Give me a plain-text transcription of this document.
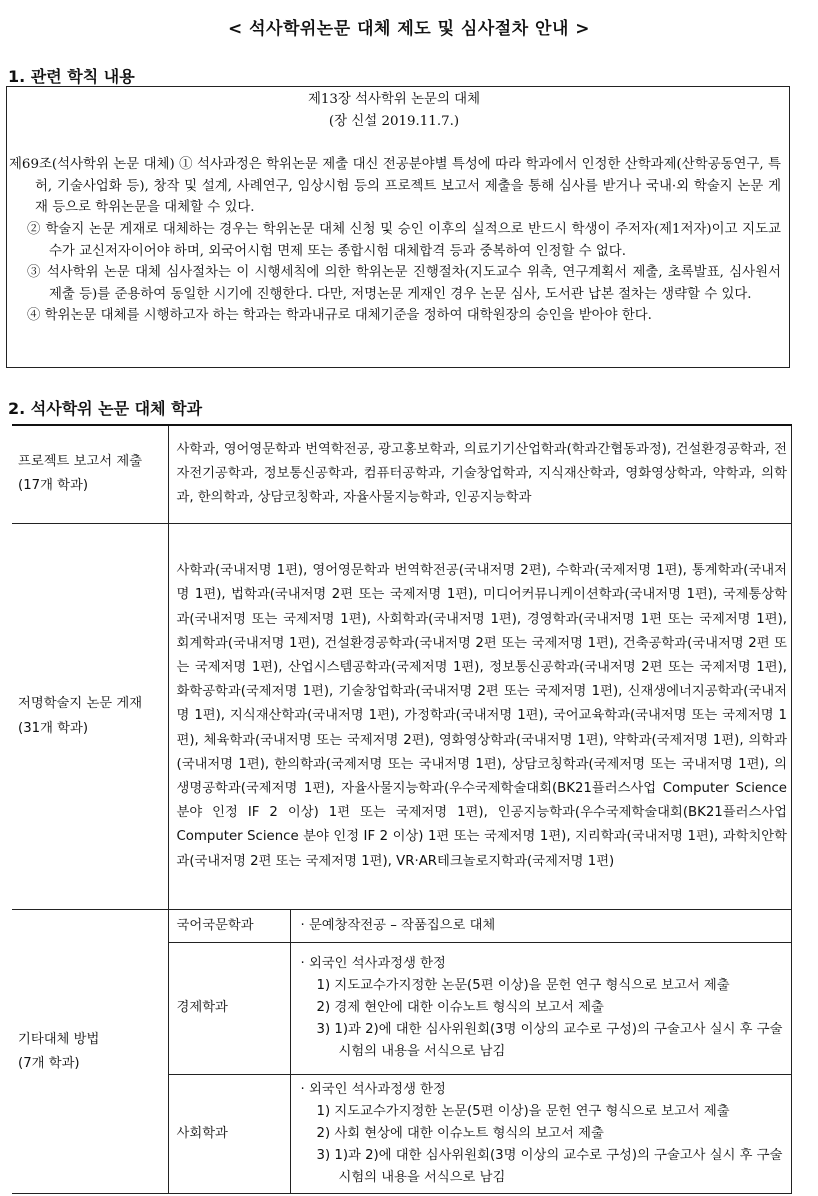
< 석사학위논문 대체 제도 및 심사절차 안내 >
1. 관련 학칙 내용
제13장 석사학위 논문의 대체
(장 신설 2019.11.7.)
제69조(석사학위 논문 대체) ① 석사과정은 학위논문 제출 대신 전공분야별 특성에 따라 학과에서 인정한 산학과제(산학공동연구, 특허, 기술사업화 등), 창작 및 설계, 사례연구, 임상시험 등의 프로젝트 보고서 제출을 통해 심사를 받거나 국내·외 학술지 논문 게재 등으로 학위논문을 대체할 수 있다.
② 학술지 논문 게재로 대체하는 경우는 학위논문 대체 신청 및 승인 이후의 실적으로 반드시 학생이 주저자(제1저자)이고 지도교수가 교신저자이어야 하며, 외국어시험 면제 또는 종합시험 대체합격 등과 중복하여 인정할 수 없다.
③ 석사학위 논문 대체 심사절차는 이 시행세칙에 의한 학위논문 진행절차(지도교수 위촉, 연구계획서 제출, 초록발표, 심사원서 제출 등)를 준용하여 동일한 시기에 진행한다. 다만, 저명논문 게재인 경우 논문 심사, 도서관 납본 절차는 생략할 수 있다.
④ 학위논문 대체를 시행하고자 하는 학과는 학과내규로 대체기준을 정하여 대학원장의 승인을 받아야 한다.
2. 석사학위 논문 대체 학과
프로젝트 보고서 제출
(17개 학과)	사학과, 영어영문학과 번역학전공, 광고홍보학과, 의료기기산업학과(학과간협동과정), 건설환경공학과, 전자전기공학과, 정보통신공학과, 컴퓨터공학과, 기술창업학과, 지식재산학과, 영화영상학과, 약학과, 의학과, 한의학과, 상담코칭학과, 자율사물지능학과, 인공지능학과	
저명학술지 논문 게재
(31개 학과)	사학과(국내저명 1편), 영어영문학과 번역학전공(국내저명 2편), 수학과(국제저명 1편), 통계학과(국내저명 1편), 법학과(국내저명 2편 또는 국제저명 1편), 미디어커뮤니케이션학과(국내저명 1편), 국제통상학과(국내저명 또는 국제저명 1편), 사회학과(국내저명 1편), 경영학과(국내저명 1편 또는 국제저명 1편), 회계학과(국내저명 1편), 건설환경공학과(국내저명 2편 또는 국제저명 1편), 건축공학과(국내저명 2편 또는 국제저명 1편), 산업시스템공학과(국제저명 1편), 정보통신공학과(국내저명 2편 또는 국제저명 1편), 화학공학과(국제저명 1편), 기술창업학과(국내저명 2편 또는 국제저명 1편), 신재생에너지공학과(국내저명 1편), 지식재산학과(국내저명 1편), 가정학과(국내저명 1편), 국어교육학과(국내저명 또는 국제저명 1편), 체육학과(국내저명 또는 국제저명 2편), 영화영상학과(국내저명 1편), 약학과(국제저명 1편), 의학과(국내저명 1편), 한의학과(국제저명 또는 국내저명 1편), 상담코칭학과(국제저명 또는 국내저명 1편), 의생명공학과(국제저명 1편), 자율사물지능학과(우수국제학술대회(BK21플러스사업 Computer Science 분야 인정 IF 2 이상) 1편 또는 국제저명 1편), 인공지능학과(우수국제학술대회(BK21플러스사업 Computer Science 분야 인정 IF 2 이상) 1편 또는 국제저명 1편), 지리학과(국내저명 1편), 과학치안학과(국내저명 2편 또는 국제저명 1편), VR·AR테크놀로지학과(국제저명 1편)	
기타대체 방법
(7개 학과)	국어국문학과	· 문예창작전공 – 작품집으로 대체

	경제학과	· 외국인 석사과정생 한정
1) 지도교수가지정한 논문(5편 이상)을 문헌 연구 형식으로 보고서 제출
2) 경제 현안에 대한 이슈노트 형식의 보고서 제출
3) 1)과 2)에 대한 심사위원회(3명 이상의 교수로 구성)의 구술고사 실시 후 구술시험의 내용을 서식으로 남김

	사회학과	· 외국인 석사과정생 한정
1) 지도교수가지정한 논문(5편 이상)을 문헌 연구 형식으로 보고서 제출
2) 사회 현상에 대한 이슈노트 형식의 보고서 제출
3) 1)과 2)에 대한 심사위원회(3명 이상의 교수로 구성)의 구술고사 실시 후 구술시험의 내용을 서식으로 남김
